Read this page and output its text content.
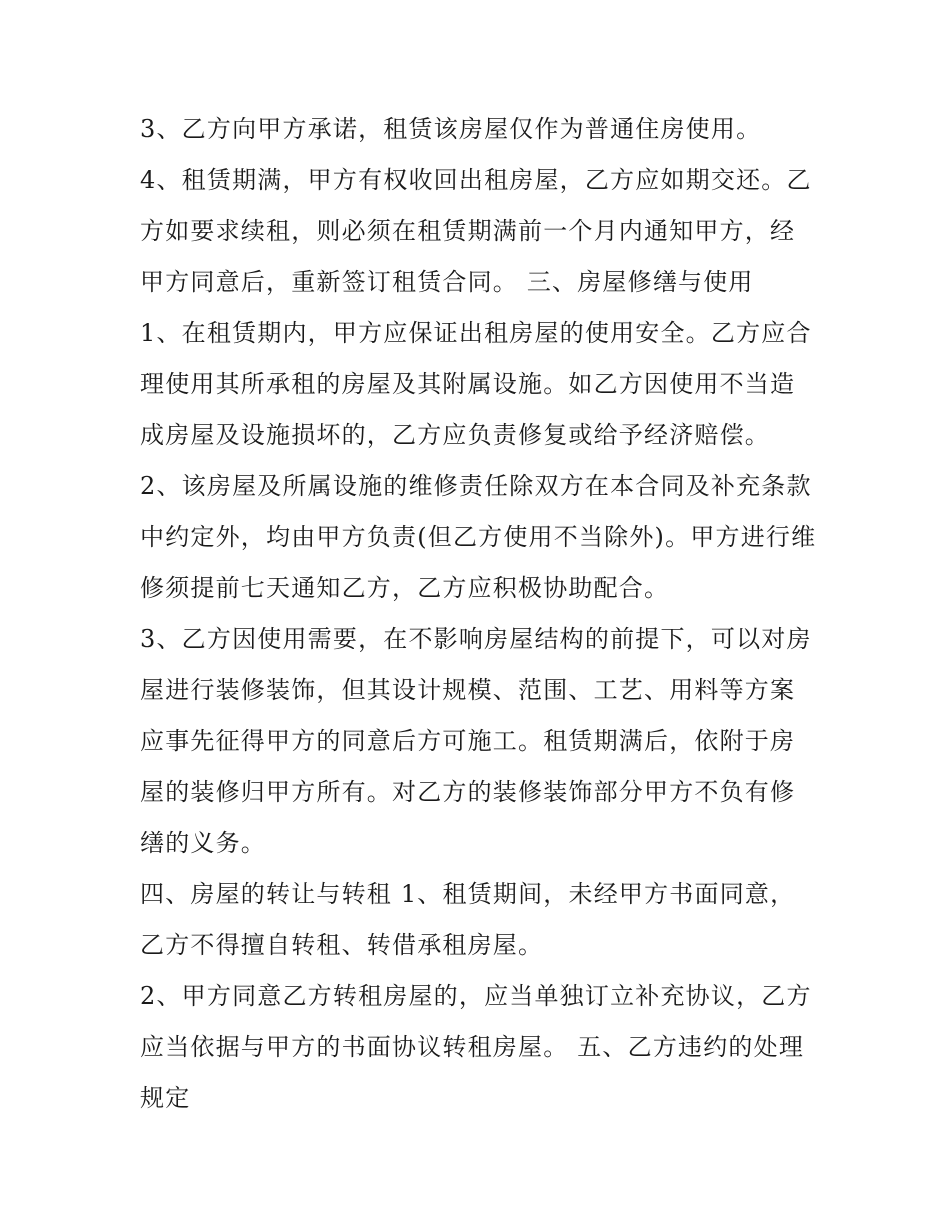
3、乙方向甲方承诺，租赁该房屋仅作为普通住房使用。

4、租赁期满，甲方有权收回出租房屋，乙方应如期交还。乙方如要求续租，则必须在租赁期满前一个月内通知甲方，经甲方同意后，重新签订租赁合同。 三、房屋修缮与使用

1、在租赁期内，甲方应保证出租房屋的使用安全。乙方应合理使用其所承租的房屋及其附属设施。如乙方因使用不当造成房屋及设施损坏的，乙方应负责修复或给予经济赔偿。

2、该房屋及所属设施的维修责任除双方在本合同及补充条款中约定外，均由甲方负责(但乙方使用不当除外)。甲方进行维修须提前七天通知乙方，乙方应积极协助配合。

3、乙方因使用需要，在不影响房屋结构的前提下，可以对房屋进行装修装饰，但其设计规模、范围、工艺、用料等方案应事先征得甲方的同意后方可施工。租赁期满后，依附于房屋的装修归甲方所有。对乙方的装修装饰部分甲方不负有修缮的义务。

四、房屋的转让与转租 1、租赁期间，未经甲方书面同意，乙方不得擅自转租、转借承租房屋。

2、甲方同意乙方转租房屋的，应当单独订立补充协议，乙方应当依据与甲方的书面协议转租房屋。 五、乙方违约的处理规定
